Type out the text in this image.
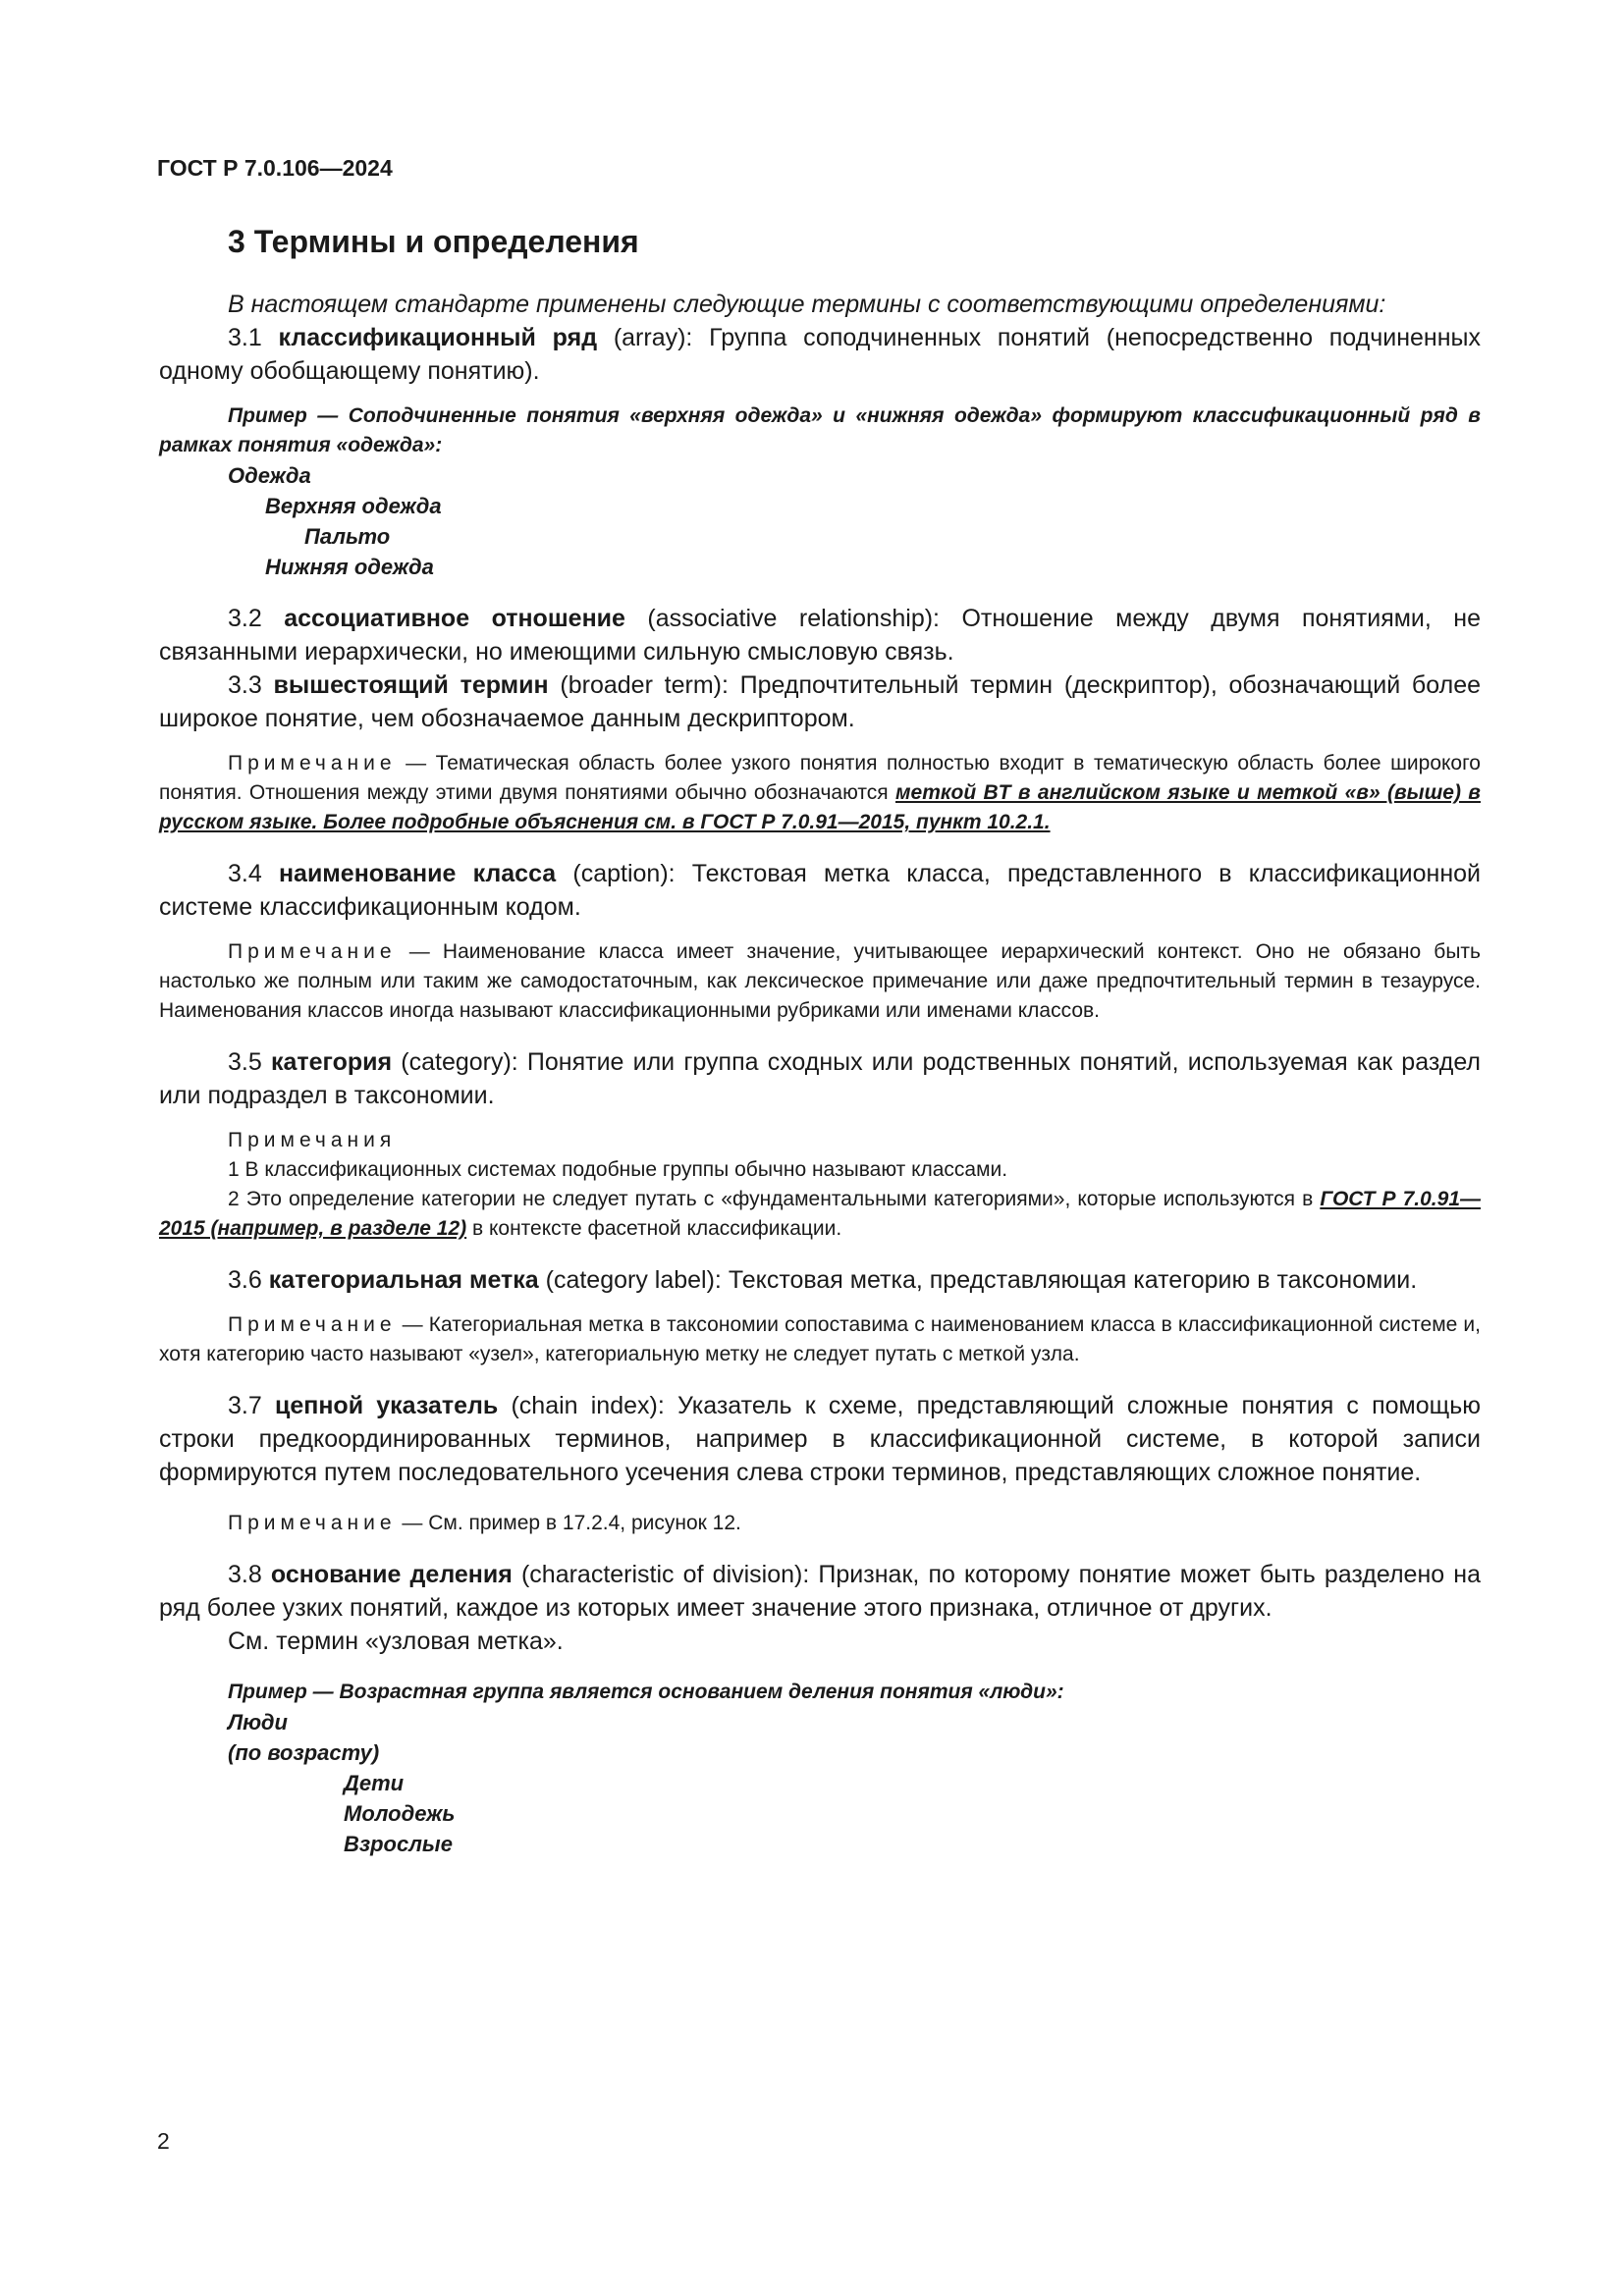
ГОСТ Р 7.0.106—2024

3 Термины и определения

В настоящем стандарте применены следующие термины с соответствующими определениями:

3.1 классификационный ряд (array): Группа соподчиненных понятий (непосредственно подчиненных одному обобщающему понятию).

Пример — Соподчиненные понятия «верхняя одежда» и «нижняя одежда» формируют классификационный ряд в рамках понятия «одежда»:

Одежда

Верхняя одежда

Пальто

Нижняя одежда

3.2 ассоциативное отношение (associative relationship): Отношение между двумя понятиями, не связанными иерархически, но имеющими сильную смысловую связь.

3.3 вышестоящий термин (broader term): Предпочтительный термин (дескриптор), обозначающий более широкое понятие, чем обозначаемое данным дескриптором.

Примечание — Тематическая область более узкого понятия полностью входит в тематическую область более широкого понятия. Отношения между этими двумя понятиями обычно обозначаются меткой BT в английском языке и меткой «в» (выше) в русском языке. Более подробные объяснения см. в ГОСТ Р 7.0.91—2015, пункт 10.2.1.

3.4 наименование класса (caption): Текстовая метка класса, представленного в классификационной системе классификационным кодом.

Примечание — Наименование класса имеет значение, учитывающее иерархический контекст. Оно не обязано быть настолько же полным или таким же самодостаточным, как лексическое примечание или даже предпочтительный термин в тезаурусе. Наименования классов иногда называют классификационными рубриками или именами классов.

3.5 категория (category): Понятие или группа сходных или родственных понятий, используемая как раздел или подраздел в таксономии.

Примечания

1 В классификационных системах подобные группы обычно называют классами.

2 Это определение категории не следует путать с «фундаментальными категориями», которые используются в ГОСТ Р 7.0.91—2015 (например, в разделе 12) в контексте фасетной классификации.

3.6 категориальная метка (category label): Текстовая метка, представляющая категорию в таксономии.

Примечание — Категориальная метка в таксономии сопоставима с наименованием класса в классификационной системе и, хотя категорию часто называют «узел», категориальную метку не следует путать с меткой узла.

3.7 цепной указатель (chain index): Указатель к схеме, представляющий сложные понятия с помощью строки предкоординированных терминов, например в классификационной системе, в которой записи формируются путем последовательного усечения слева строки терминов, представляющих сложное понятие.

Примечание — См. пример в 17.2.4, рисунок 12.

3.8 основание деления (characteristic of division): Признак, по которому понятие может быть разделено на ряд более узких понятий, каждое из которых имеет значение этого признака, отличное от других.

См. термин «узловая метка».

Пример — Возрастная группа является основанием деления понятия «люди»:

Люди

(по возрасту)

Дети

Молодежь

Взрослые

2
